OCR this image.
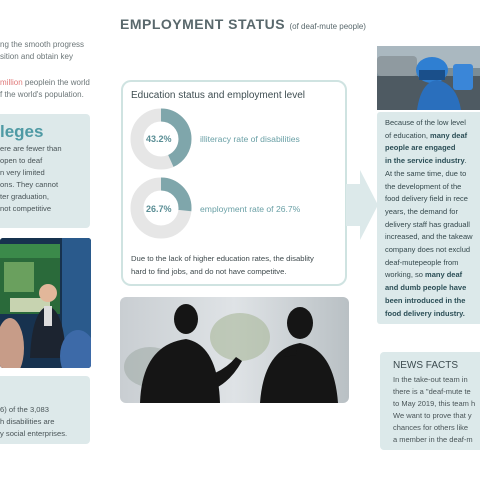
EMPLOYMENT STATUS (of deaf-mute people)
ng the smooth progress
sition and obtain key
million peoplein the world
f the world's population.
leges
ere are fewer than
open to deaf
n very limited
ons. They cannot
ter graduation,
not competitive
6) of the 3,083
h disabilities are
y social enterprises.
Education status and employment level
43.2%	illiteracy rate of disabilities
26.7%	employment rate of 26.7%
Due to the lack of higher education rates, the disablity
hard to find jobs, and do not have competitve.
Because of the low level
of education, many deaf
people are engaged
in the service industry.
At the same time, due to
the development of the
food delivery field in rece
years, the demand for
delivery staff has graduall
increased, and the takeaw
company does not exclud
deaf-mutepeople from
working, so many deaf
and dumb people have
been introduced in the
food delivery industry.
NEWS FACTS
In the take-out team in
there is a "deaf-mute te
to May 2019, this team h
We want to prove that y
chances for others like
a member in the deaf-m
